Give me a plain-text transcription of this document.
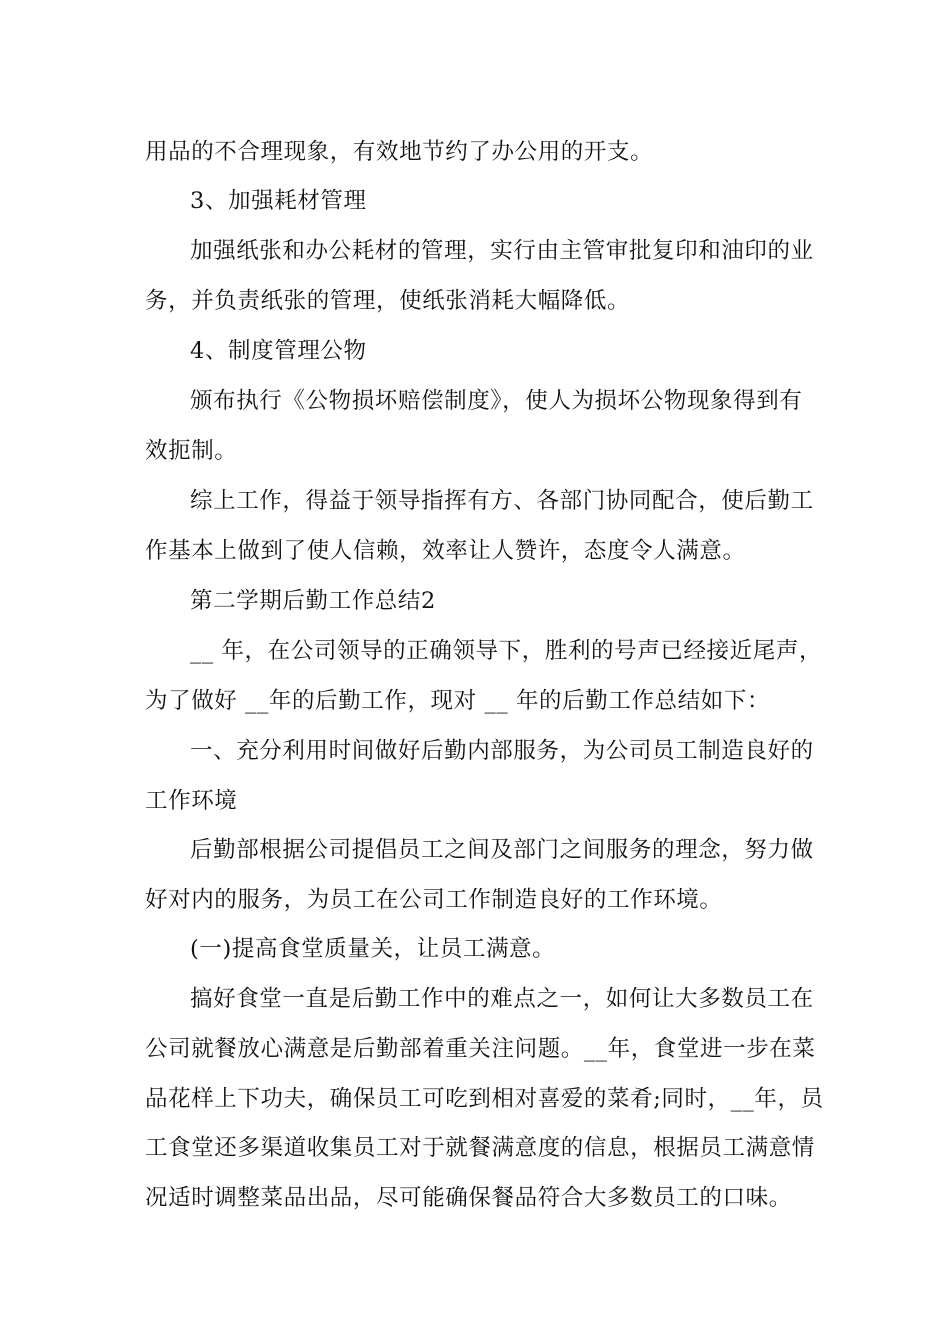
用品的不合理现象，有效地节约了办公用的开支。
3、加强耗材管理
加强纸张和办公耗材的管理，实行由主管审批复印和油印的业
务，并负责纸张的管理，使纸张消耗大幅降低。
4、制度管理公物
颁布执行《公物损坏赔偿制度》，使人为损坏公物现象得到有
效扼制。
综上工作，得益于领导指挥有方、各部门协同配合，使后勤工
作基本上做到了使人信赖，效率让人赞许，态度令人满意。
第二学期后勤工作总结2
__ 年，在公司领导的正确领导下，胜利的号声已经接近尾声，
为了做好 __年的后勤工作，现对 __ 年的后勤工作总结如下：
一、充分利用时间做好后勤内部服务，为公司员工制造良好的
工作环境
后勤部根据公司提倡员工之间及部门之间服务的理念，努力做
好对内的服务，为员工在公司工作制造良好的工作环境。
(一)提高食堂质量关，让员工满意。
搞好食堂一直是后勤工作中的难点之一，如何让大多数员工在
公司就餐放心满意是后勤部着重关注问题。__年，食堂进一步在菜
品花样上下功夫，确保员工可吃到相对喜爱的菜肴;同时，__年，员
工食堂还多渠道收集员工对于就餐满意度的信息，根据员工满意情
况适时调整菜品出品，尽可能确保餐品符合大多数员工的口味。
